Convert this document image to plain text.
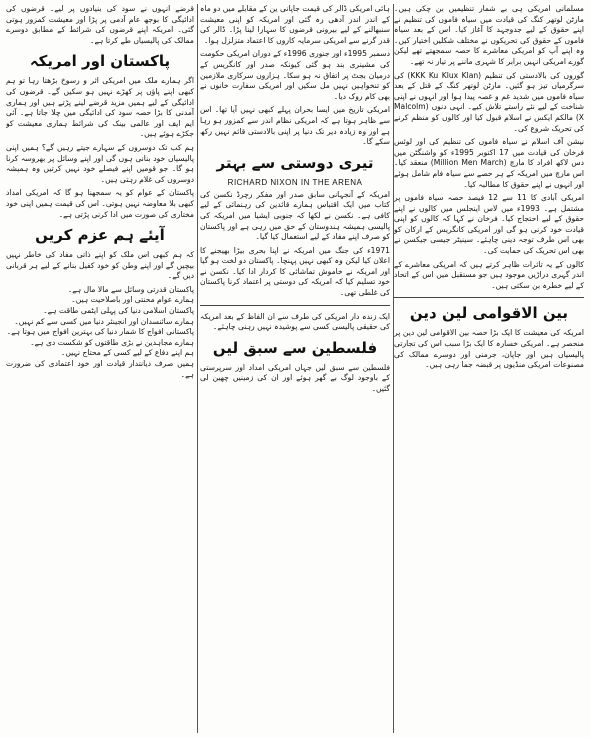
مسلمانی امریکی ہی بے شمار تنظیمیں بن چکی ہیں۔ مارٹن لوتھر کنگ کی قیادت میں سیاہ فاموں کی تنظیم نے اپنے حقوق کے لیے جدوجہد کا آغاز کیا۔ اس کے بعد سیاہ فاموں کے حقوق کی تحریکوں نے مختلف شکلیں اختیار کیں۔ وہ اپنے آپ کو امریکی معاشرے کا حصہ سمجھتے تھے لیکن گورے امریکی انہیں برابر کا شہری ماننے پر تیار نہ تھے۔

گوروں کی بالادستی کی تنظیم (KKK Ku Klux Klan) کی سرگرمیاں تیز ہو گئیں۔ مارٹن لوتھر کنگ کے قتل کے بعد سیاہ فاموں میں شدید غم و غصہ پیدا ہوا اور انہوں نے اپنی شناخت کے لیے نئے راستے تلاش کیے۔ انہی دنوں (Malcolm X) مالکم ایکس نے اسلام قبول کیا اور کالوں کو منظم کرنے کی تحریک شروع کی۔

نیشن آف اسلام نے سیاہ فاموں کی تنظیم کی اور لوئس فرخان کی قیادت میں 17 اکتوبر 1995ء کو واشنگٹن میں دس لاکھ افراد کا مارچ (Million Men March) منعقد کیا۔ اس مارچ میں امریکہ کے ہر حصے سے سیاہ فام شامل ہوئے اور انہوں نے اپنے حقوق کا مطالبہ کیا۔

امریکی آبادی کا 11 سے 12 فیصد حصہ سیاہ فاموں پر مشتمل ہے۔ 1993ء میں لاس اینجلس میں کالوں نے اپنے حقوق کے لیے احتجاج کیا۔ فرخان نے کہا کہ کالوں کو اپنی قیادت خود کرنی ہو گی اور امریکی کانگریس کے ارکان کو بھی اس طرف توجہ دینی چاہئے۔ سینیٹر جیسی جیکسن نے بھی اس تحریک کی حمایت کی۔

کالوں کے یہ تاثرات ظاہر کرتے ہیں کہ امریکی معاشرے کے اندر گہری دراڑیں موجود ہیں جو مستقبل میں اس کے اتحاد کے لیے خطرہ بن سکتی ہیں۔

بین الاقوامی لین دین

امریکہ کی معیشت کا ایک بڑا حصہ بین الاقوامی لین دین پر منحصر ہے۔ امریکی خسارہ کا ایک بڑا سبب اس کی تجارتی پالیسیاں ہیں اور جاپان، جرمنی اور دوسرے ممالک کی مصنوعات امریکی منڈیوں پر قبضہ جما رہی ہیں۔

ہائی امریکی ڈالر کی قیمت جاپانی ین کے مقابلے میں دو ماہ کے اندر اندر آدھی رہ گئی اور امریکہ کو اپنی معیشت سنبھالنے کے لیے بیرونی قرضوں کا سہارا لینا پڑا۔ ڈالر کی قدر گرنے سے امریکی سرمایہ کاروں کا اعتماد متزلزل ہوا۔

دسمبر 1995ء اور جنوری 1996ء کے دوران امریکی حکومت کی مشینری بند ہو گئی کیونکہ صدر اور کانگریس کے درمیان بجٹ پر اتفاق نہ ہو سکا۔ ہزاروں سرکاری ملازمین کو تنخواہیں نہیں مل سکیں اور امریکی سفارت خانوں نے بھی کام روک دیا۔

امریکی تاریخ میں ایسا بحران پہلے کبھی نہیں آیا تھا۔ اس سے ظاہر ہوتا ہے کہ امریکی نظام اندر سے کمزور ہو رہا ہے اور وہ زیادہ دیر تک دنیا پر اپنی بالادستی قائم نہیں رکھ سکے گا۔

تیری دوستی سے بہتر
RICHARD NIXON IN THE ARENA

امریکہ کے آنجہانی سابق صدر اور مفکر رچرڈ نکسن کی کتاب میں ایک اقتباس ہمارے قائدین کی رہنمائی کے لیے کافی ہے۔ نکسن نے لکھا کہ جنوبی ایشیا میں امریکہ کی پالیسی ہمیشہ ہندوستان کے حق میں رہی ہے اور پاکستان کو صرف اپنے مفاد کے لیے استعمال کیا گیا۔

1971ء کی جنگ میں امریکہ نے اپنا بحری بیڑا بھیجنے کا اعلان کیا لیکن وہ کبھی نہیں پہنچا۔ پاکستان دو لخت ہو گیا اور امریکہ نے خاموش تماشائی کا کردار ادا کیا۔ نکسن نے خود تسلیم کیا کہ امریکہ کی دوستی پر اعتماد کرنا پاکستان کی غلطی تھی۔

ایک زندہ دار امریکی کی طرف سے ان الفاظ کے بعد امریکہ کی حقیقی پالیسی کسی سے پوشیدہ نہیں رہنی چاہئے۔

فلسطین سے سبق لیں

فلسطین سے سبق لیں جہاں امریکی امداد اور سرپرستی کے باوجود لوگ بے گھر ہوئے اور ان کی زمینیں چھین لی گئیں۔

قرضے انہوں نے سود کی بنیادوں پر لیے۔ قرضوں کی ادائیگی کا بوجھ عام آدمی پر پڑا اور معیشت کمزور ہوتی گئی۔ امریکہ اپنے قرضوں کی شرائط کے مطابق دوسرے ممالک کی پالیسیاں طے کرتا ہے۔

پاکستان اور امریکہ

اگر ہمارے ملک میں امریکی اثر و رسوخ بڑھتا رہا تو ہم کبھی اپنے پاؤں پر کھڑے نہیں ہو سکیں گے۔ قرضوں کی ادائیگی کے لیے ہمیں مزید قرضے لینے پڑتے ہیں اور ہماری آمدنی کا بڑا حصہ سود کی ادائیگی میں چلا جاتا ہے۔ آئی ایم ایف اور عالمی بینک کی شرائط ہماری معیشت کو جکڑے ہوئے ہیں۔

ہم کب تک دوسروں کے سہارے جیتے رہیں گے؟ ہمیں اپنی پالیسیاں خود بنانی ہوں گی اور اپنے وسائل پر بھروسہ کرنا ہو گا۔ جو قومیں اپنے فیصلے خود نہیں کرتیں وہ ہمیشہ دوسروں کی غلام رہتی ہیں۔

پاکستان کے عوام کو یہ سمجھنا ہو گا کہ امریکی امداد کبھی بلا معاوضہ نہیں ہوتی۔ اس کی قیمت ہمیں اپنی خود مختاری کی صورت میں ادا کرنی پڑتی ہے۔

آیئے ہم عزم کریں

کہ ہم کبھی اس ملک کو اپنے ذاتی مفاد کی خاطر نہیں بیچیں گے اور اپنے وطن کو خود کفیل بنانے کے لیے ہر قربانی دیں گے۔

پاکستان قدرتی وسائل سے مالا مال ہے۔
ہمارے عوام محنتی اور باصلاحیت ہیں۔
پاکستان اسلامی دنیا کی پہلی ایٹمی طاقت ہے۔
ہمارے سائنسدان اور انجینئر دنیا میں کسی سے کم نہیں۔
پاکستانی افواج کا شمار دنیا کی بہترین افواج میں ہوتا ہے۔
ہمارے مجاہدین نے بڑی طاقتوں کو شکست دی ہے۔
ہم اپنے دفاع کے لیے کسی کے محتاج نہیں۔
ہمیں صرف دیانتدار قیادت اور خود اعتمادی کی ضرورت ہے۔
